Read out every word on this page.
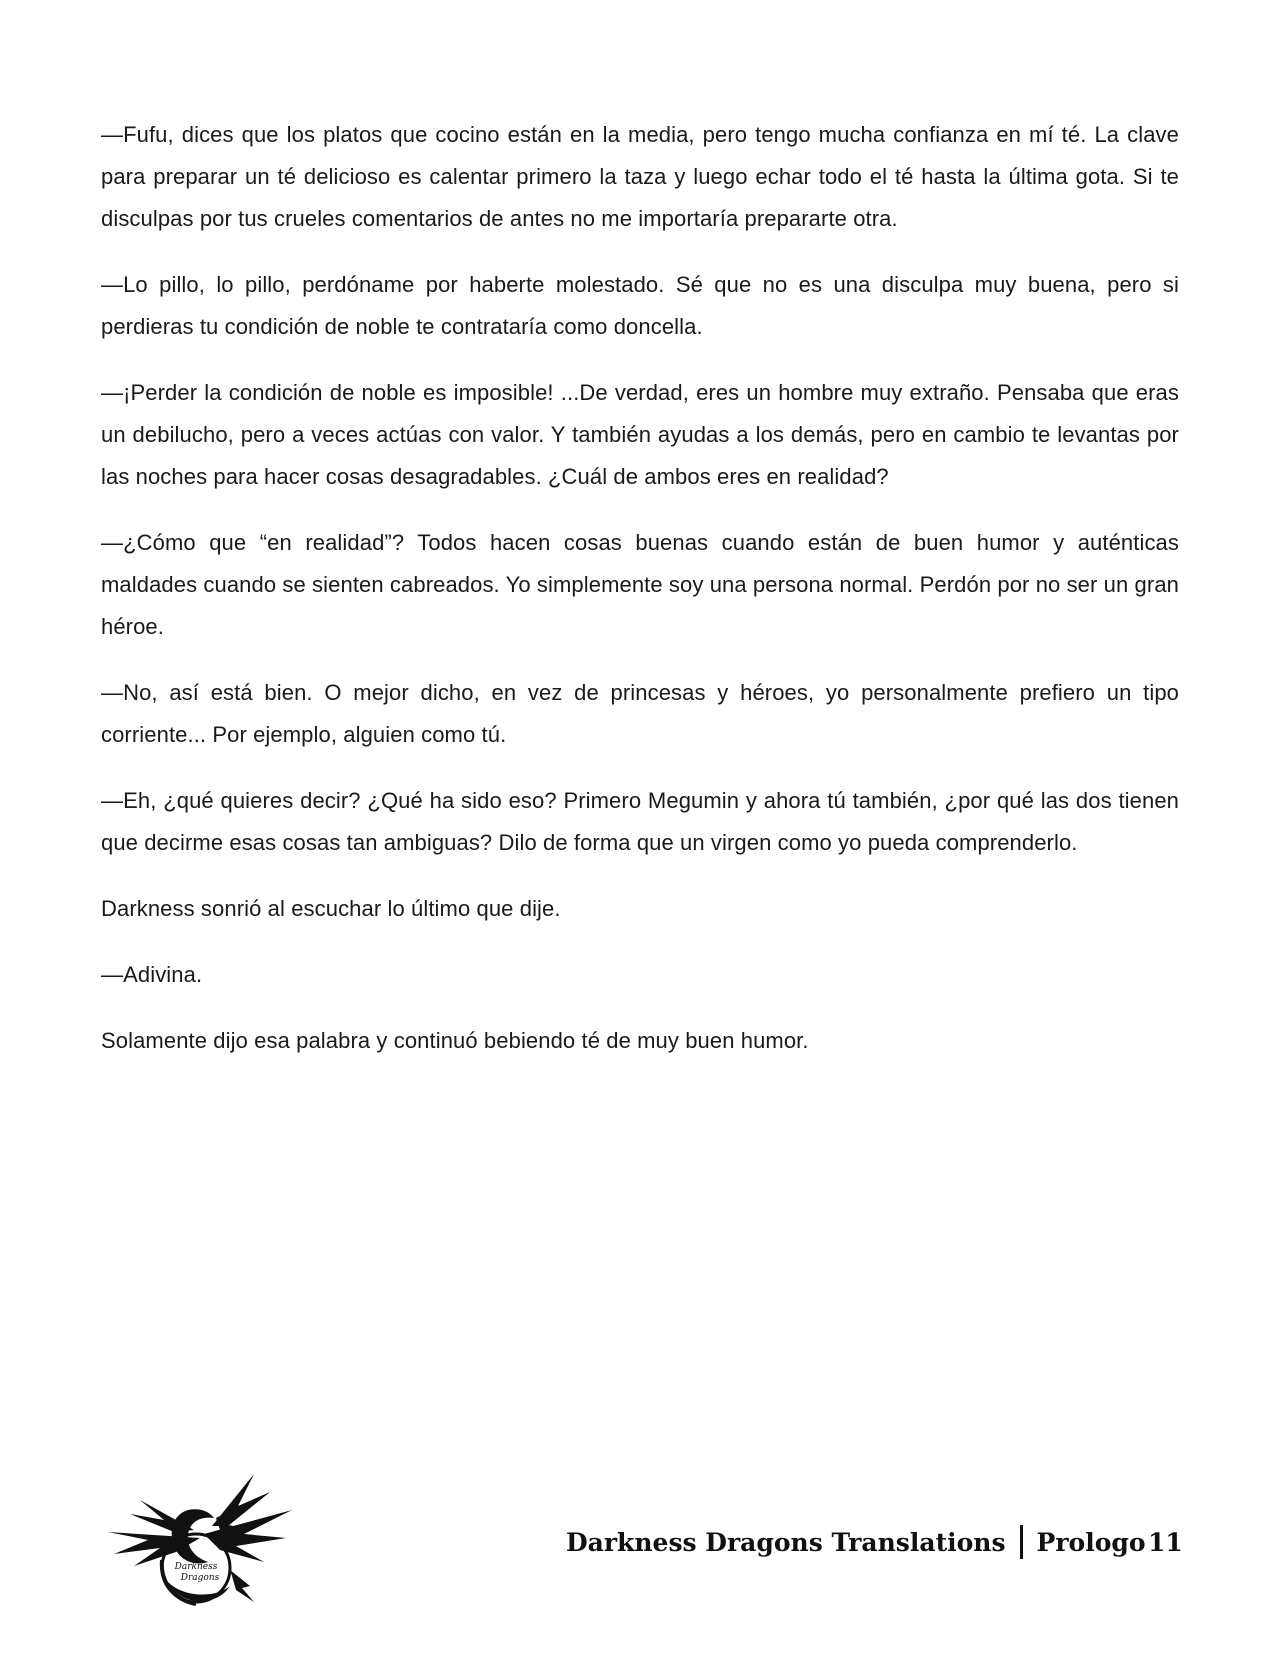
—Fufu, dices que los platos que cocino están en la media, pero tengo mucha confianza en mí té. La clave para preparar un té delicioso es calentar primero la taza y luego echar todo el té hasta la última gota. Si te disculpas por tus crueles comentarios de antes no me importaría prepararte otra.

—Lo pillo, lo pillo, perdóname por haberte molestado. Sé que no es una disculpa muy buena, pero si perdieras tu condición de noble te contrataría como doncella.

—¡Perder la condición de noble es imposible! ...De verdad, eres un hombre muy extraño. Pensaba que eras un debilucho, pero a veces actúas con valor. Y también ayudas a los demás, pero en cambio te levantas por las noches para hacer cosas desagradables. ¿Cuál de ambos eres en realidad?

—¿Cómo que “en realidad”? Todos hacen cosas buenas cuando están de buen humor y auténticas maldades cuando se sienten cabreados. Yo simplemente soy una persona normal. Perdón por no ser un gran héroe.

—No, así está bien. O mejor dicho, en vez de princesas y héroes, yo personalmente prefiero un tipo corriente... Por ejemplo, alguien como tú.

—Eh, ¿qué quieres decir? ¿Qué ha sido eso? Primero Megumin y ahora tú también, ¿por qué las dos tienen que decirme esas cosas tan ambiguas? Dilo de forma que un virgen como yo pueda comprenderlo.

Darkness sonrió al escuchar lo último que dije.

—Adivina.

Solamente dijo esa palabra y continuó bebiendo té de muy buen humor.

Darkness
Dragons
Darkness Dragons Translations Prologo 11
